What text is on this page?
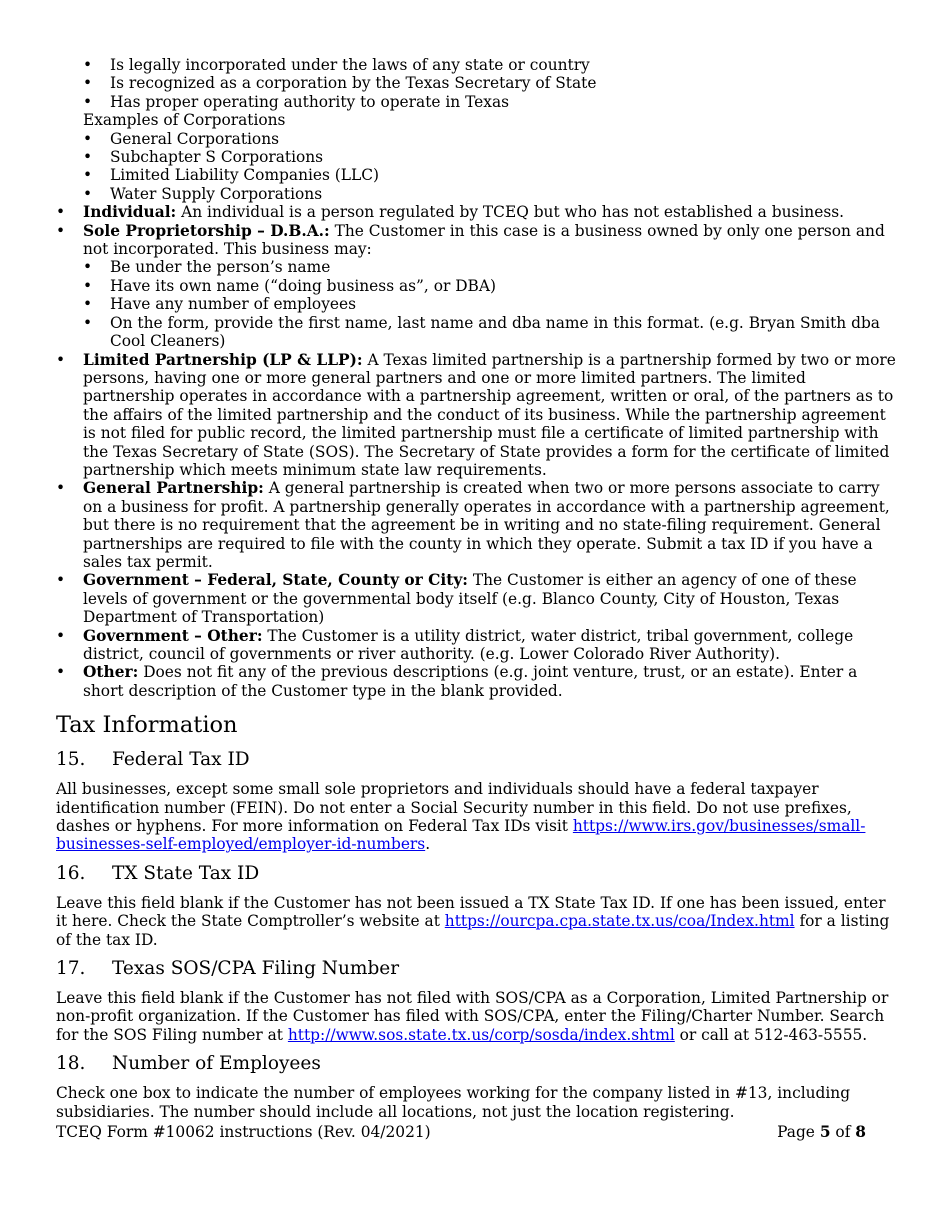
• Is legally incorporated under the laws of any state or country
• Is recognized as a corporation by the Texas Secretary of State
• Has proper operating authority to operate in Texas
Examples of Corporations
• General Corporations
• Subchapter S Corporations
• Limited Liability Companies (LLC)
• Water Supply Corporations
• Individual: An individual is a person regulated by TCEQ but who has not established a business.
• Sole Proprietorship – D.B.A.: The Customer in this case is a business owned by only one person and not incorporated. This business may:
• Be under the person’s name
• Have its own name (“doing business as”, or DBA)
• Have any number of employees
• On the form, provide the first name, last name and dba name in this format. (e.g. Bryan Smith dba Cool Cleaners)
• Limited Partnership (LP & LLP): A Texas limited partnership is a partnership formed by two or more persons, having one or more general partners and one or more limited partners. The limited partnership operates in accordance with a partnership agreement, written or oral, of the partners as to the affairs of the limited partnership and the conduct of its business. While the partnership agreement is not filed for public record, the limited partnership must file a certificate of limited partnership with the Texas Secretary of State (SOS). The Secretary of State provides a form for the certificate of limited partnership which meets minimum state law requirements.
• General Partnership: A general partnership is created when two or more persons associate to carry on a business for profit. A partnership generally operates in accordance with a partnership agreement, but there is no requirement that the agreement be in writing and no state-filing requirement. General partnerships are required to file with the county in which they operate. Submit a tax ID if you have a sales tax permit.
• Government – Federal, State, County or City: The Customer is either an agency of one of these levels of government or the governmental body itself (e.g. Blanco County, City of Houston, Texas Department of Transportation)
• Government – Other: The Customer is a utility district, water district, tribal government, college district, council of governments or river authority. (e.g. Lower Colorado River Authority).
• Other: Does not fit any of the previous descriptions (e.g. joint venture, trust, or an estate). Enter a short description of the Customer type in the blank provided.
Tax Information
15. Federal Tax ID

All businesses, except some small sole proprietors and individuals should have a federal taxpayer identification number (FEIN). Do not enter a Social Security number in this field. Do not use prefixes, dashes or hyphens. For more information on Federal Tax IDs visit https://www.irs.gov/businesses/small-businesses-self-employed/employer-id-numbers.

16. TX State Tax ID

Leave this field blank if the Customer has not been issued a TX State Tax ID. If one has been issued, enter it here. Check the State Comptroller’s website at https://ourcpa.cpa.state.tx.us/coa/Index.html for a listing of the tax ID.

17. Texas SOS/CPA Filing Number

Leave this field blank if the Customer has not filed with SOS/CPA as a Corporation, Limited Partnership or non-profit organization. If the Customer has filed with SOS/CPA, enter the Filing/Charter Number. Search for the SOS Filing number at http://www.sos.state.tx.us/corp/sosda/index.shtml or call at 512-463-5555.

18. Number of Employees

Check one box to indicate the number of employees working for the company listed in #13, including subsidiaries. The number should include all locations, not just the location registering.

TCEQ Form #10062 instructions (Rev. 04/2021)	Page 5 of 8
